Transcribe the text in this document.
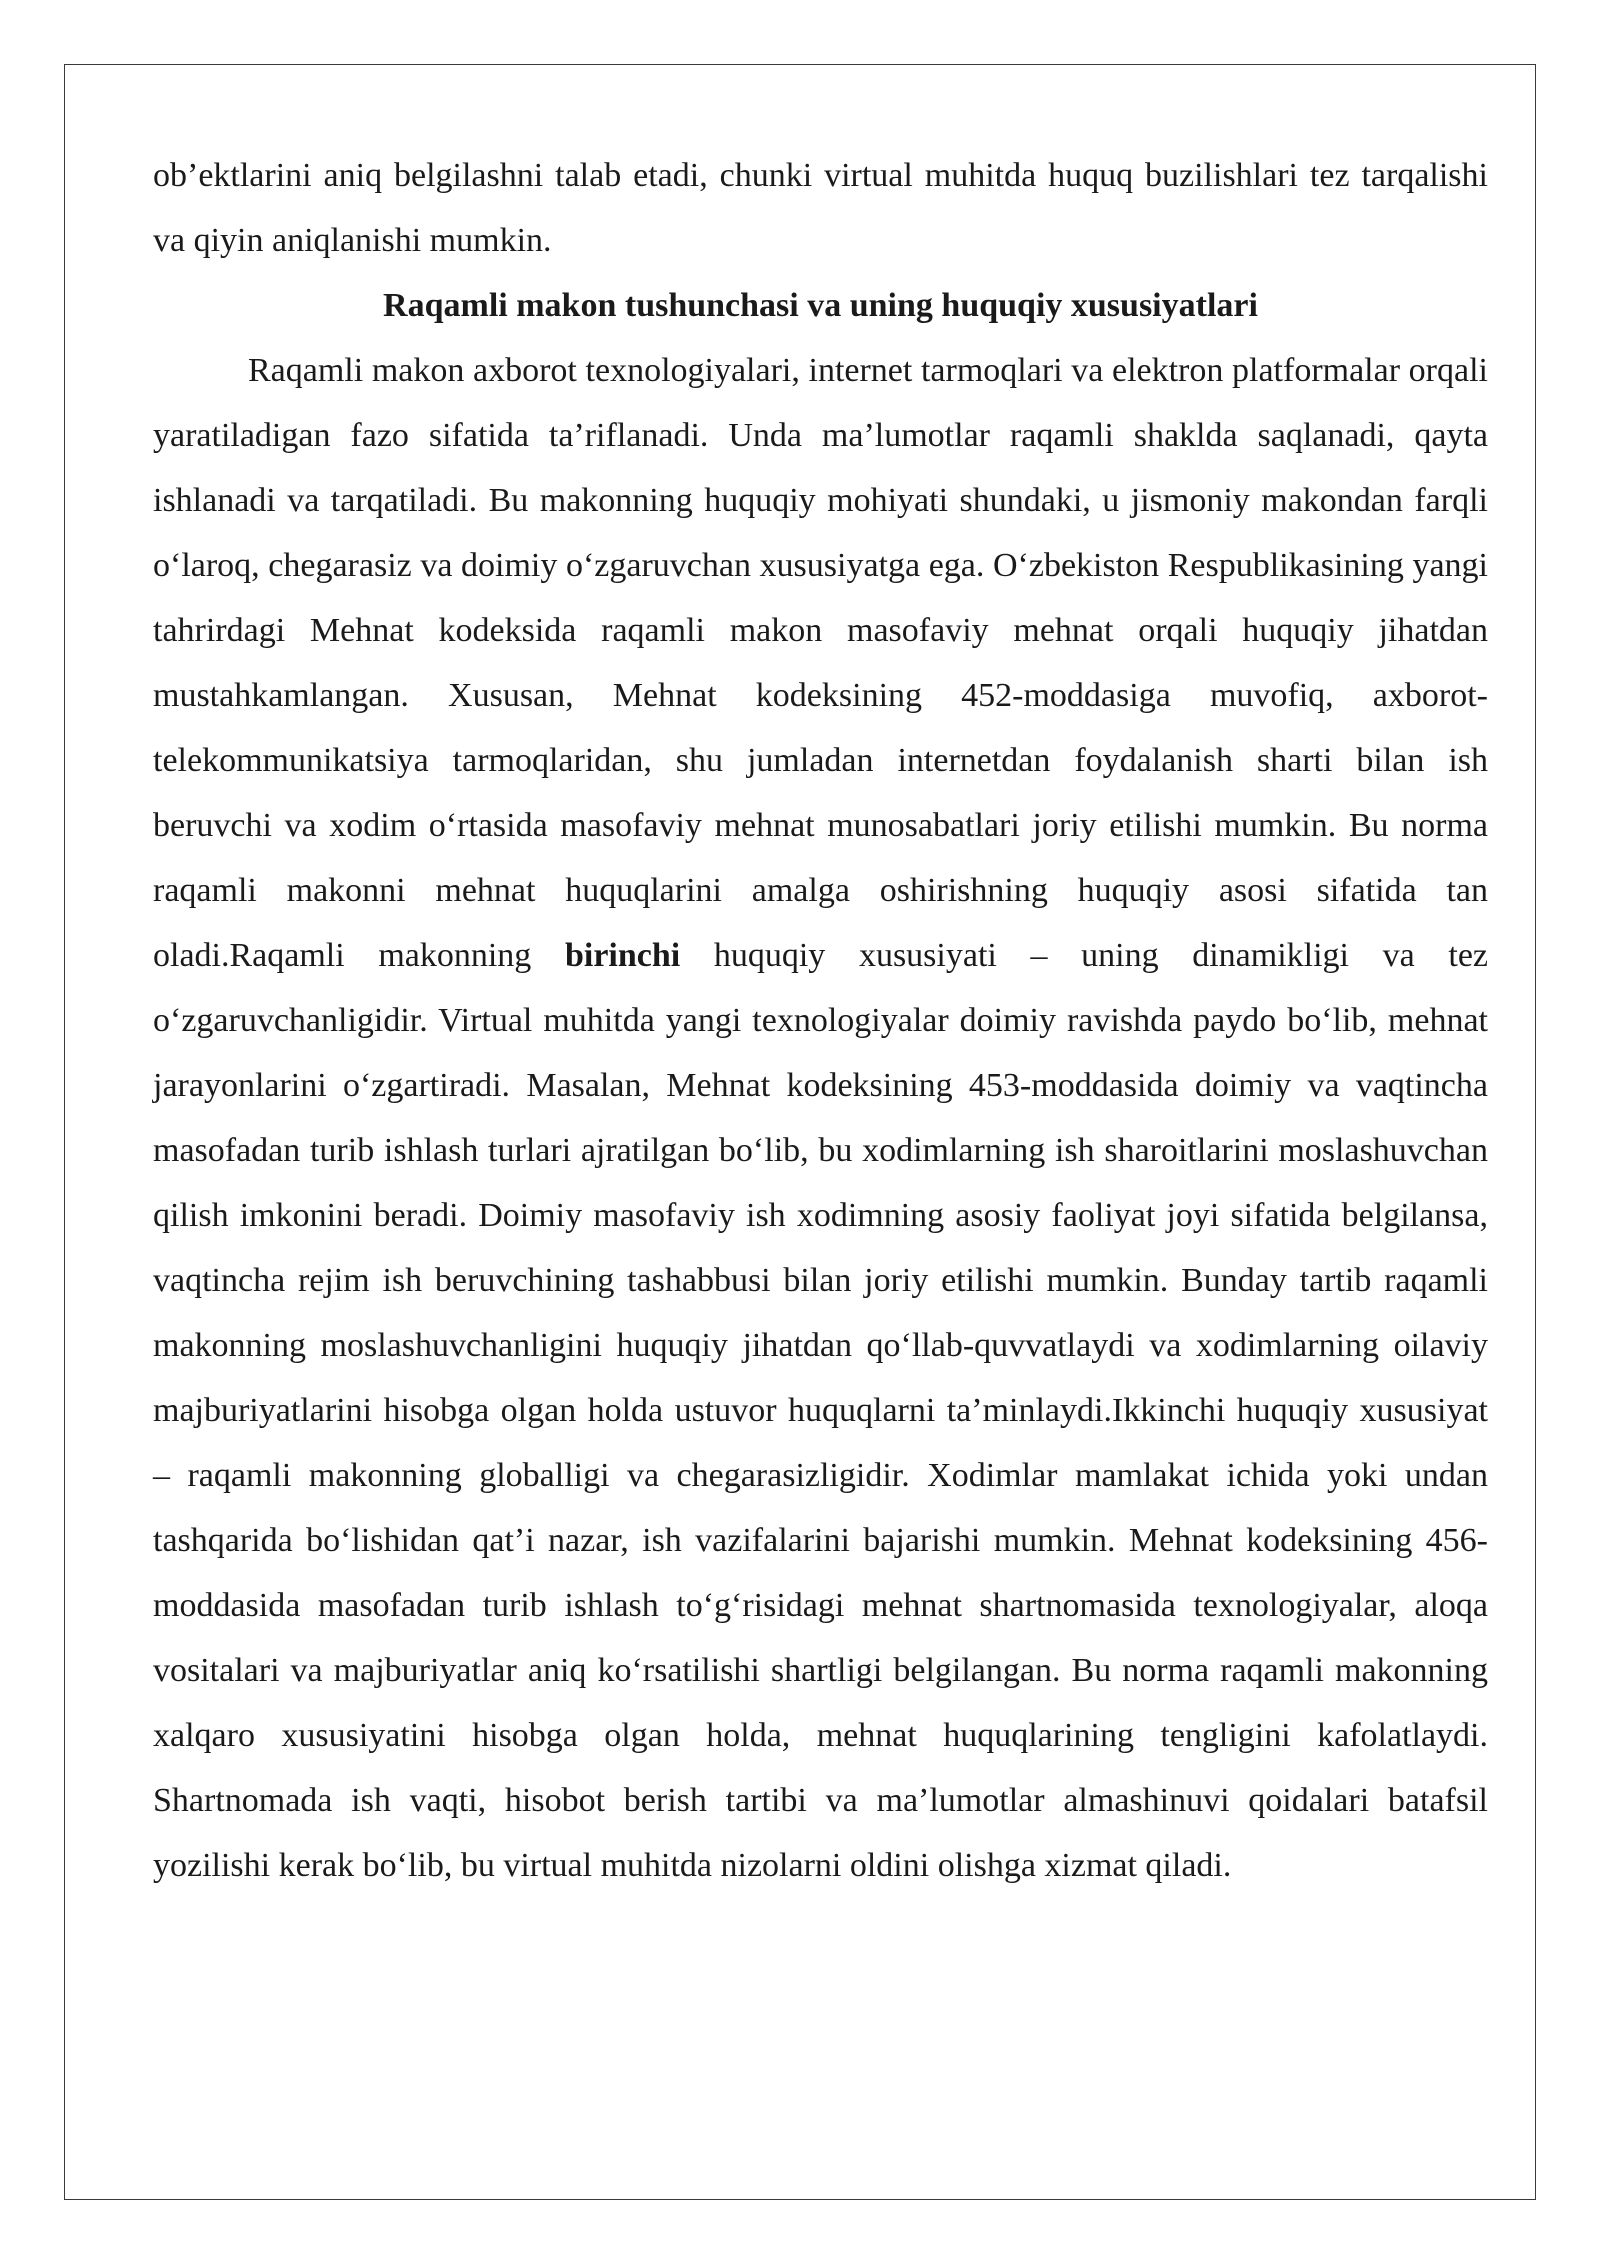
ob’ektlarini aniq belgilashni talab etadi, chunki virtual muhitda huquq buzilishlari tez tarqalishi va qiyin aniqlanishi mumkin.

Raqamli makon tushunchasi va uning huquqiy xususiyatlari

Raqamli makon axborot texnologiyalari, internet tarmoqlari va elektron platformalar orqali yaratiladigan fazo sifatida ta’riflanadi. Unda ma’lumotlar raqamli shaklda saqlanadi, qayta ishlanadi va tarqatiladi. Bu makonning huquqiy mohiyati shundaki, u jismoniy makondan farqli o‘laroq, chegarasiz va doimiy o‘zgaruvchan xususiyatga ega. O‘zbekiston Respublikasining yangi tahrirdagi Mehnat kodeksida raqamli makon masofaviy mehnat orqali huquqiy jihatdan mustahkamlangan. Xususan, Mehnat kodeksining 452-moddasiga muvofiq, axborot-telekommunikatsiya tarmoqlaridan, shu jumladan internetdan foydalanish sharti bilan ish beruvchi va xodim o‘rtasida masofaviy mehnat munosabatlari joriy etilishi mumkin. Bu norma raqamli makonni mehnat huquqlarini amalga oshirishning huquqiy asosi sifatida tan oladi.Raqamli makonning birinchi huquqiy xususiyati – uning dinamikligi va tez o‘zgaruvchanligidir. Virtual muhitda yangi texnologiyalar doimiy ravishda paydo bo‘lib, mehnat jarayonlarini o‘zgartiradi. Masalan, Mehnat kodeksining 453-moddasida doimiy va vaqtincha masofadan turib ishlash turlari ajratilgan bo‘lib, bu xodimlarning ish sharoitlarini moslashuvchan qilish imkonini beradi. Doimiy masofaviy ish xodimning asosiy faoliyat joyi sifatida belgilansa, vaqtincha rejim ish beruvchining tashabbusi bilan joriy etilishi mumkin. Bunday tartib raqamli makonning moslashuvchanligini huquqiy jihatdan qo‘llab-quvvatlaydi va xodimlarning oilaviy majburiyatlarini hisobga olgan holda ustuvor huquqlarni ta’minlaydi.Ikkinchi huquqiy xususiyat – raqamli makonning globalligi va chegarasizligidir. Xodimlar mamlakat ichida yoki undan tashqarida bo‘lishidan qat’i nazar, ish vazifalarini bajarishi mumkin. Mehnat kodeksining 456-moddasida masofadan turib ishlash to‘g‘risidagi mehnat shartnomasida texnologiyalar, aloqa vositalari va majburiyatlar aniq ko‘rsatilishi shartligi belgilangan. Bu norma raqamli makonning xalqaro xususiyatini hisobga olgan holda, mehnat huquqlarining tengligini kafolatlaydi. Shartnomada ish vaqti, hisobot berish tartibi va ma’lumotlar almashinuvi qoidalari batafsil yozilishi kerak bo‘lib, bu virtual muhitda nizolarni oldini olishga xizmat qiladi.
